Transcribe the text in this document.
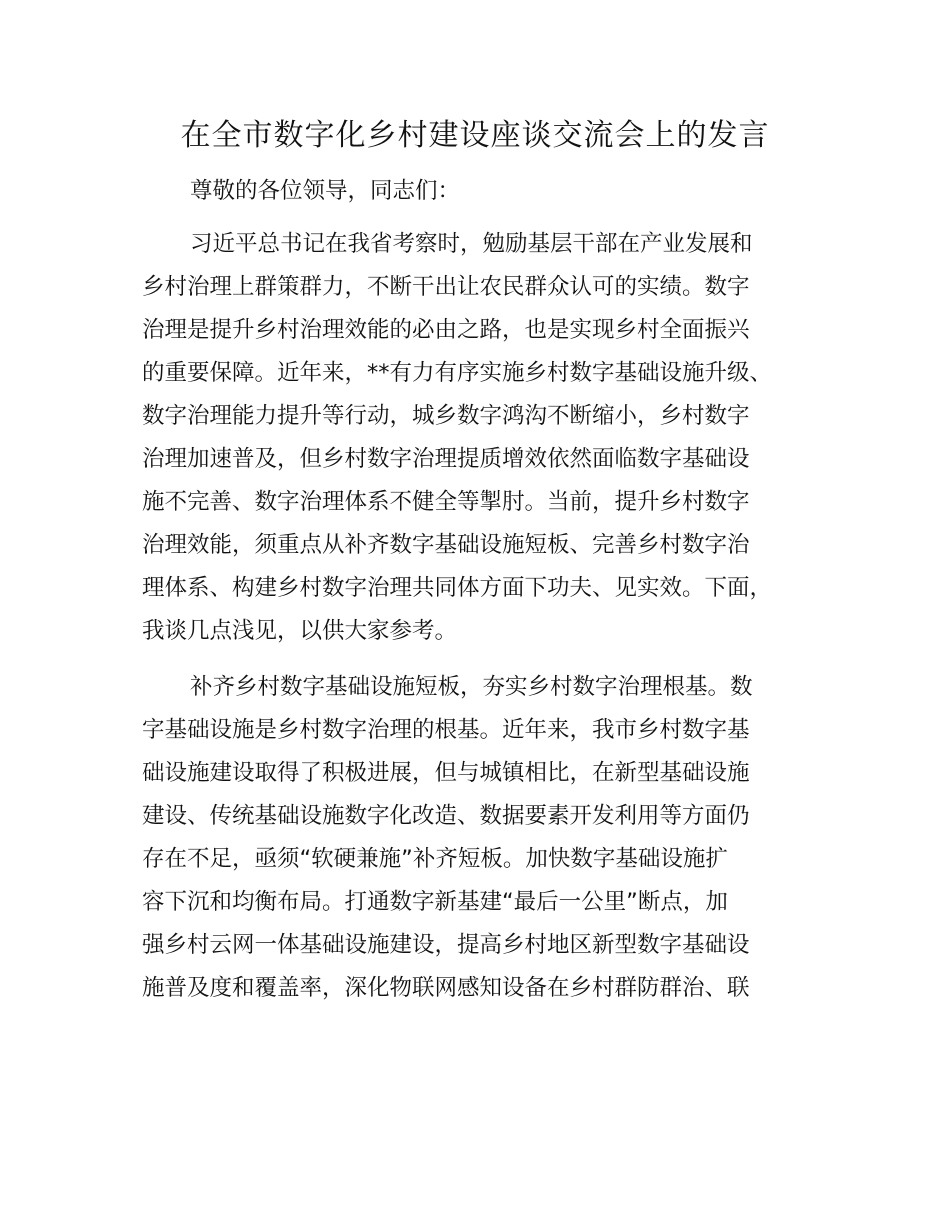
在全市数字化乡村建设座谈交流会上的发言

尊敬的各位领导，同志们：

习近平总书记在我省考察时，勉励基层干部在产业发展和

乡村治理上群策群力，不断干出让农民群众认可的实绩。数字

治理是提升乡村治理效能的必由之路，也是实现乡村全面振兴

的重要保障。近年来，**有力有序实施乡村数字基础设施升级、

数字治理能力提升等行动，城乡数字鸿沟不断缩小，乡村数字

治理加速普及，但乡村数字治理提质增效依然面临数字基础设

施不完善、数字治理体系不健全等掣肘。当前，提升乡村数字

治理效能，须重点从补齐数字基础设施短板、完善乡村数字治

理体系、构建乡村数字治理共同体方面下功夫、见实效。下面，

我谈几点浅见，以供大家参考。

补齐乡村数字基础设施短板，夯实乡村数字治理根基。数

字基础设施是乡村数字治理的根基。近年来，我市乡村数字基

础设施建设取得了积极进展，但与城镇相比，在新型基础设施

建设、传统基础设施数字化改造、数据要素开发利用等方面仍

存在不足，亟须“软硬兼施”补齐短板。加快数字基础设施扩

容下沉和均衡布局。打通数字新基建“最后一公里”断点，加

强乡村云网一体基础设施建设，提高乡村地区新型数字基础设

施普及度和覆盖率，深化物联网感知设备在乡村群防群治、联
